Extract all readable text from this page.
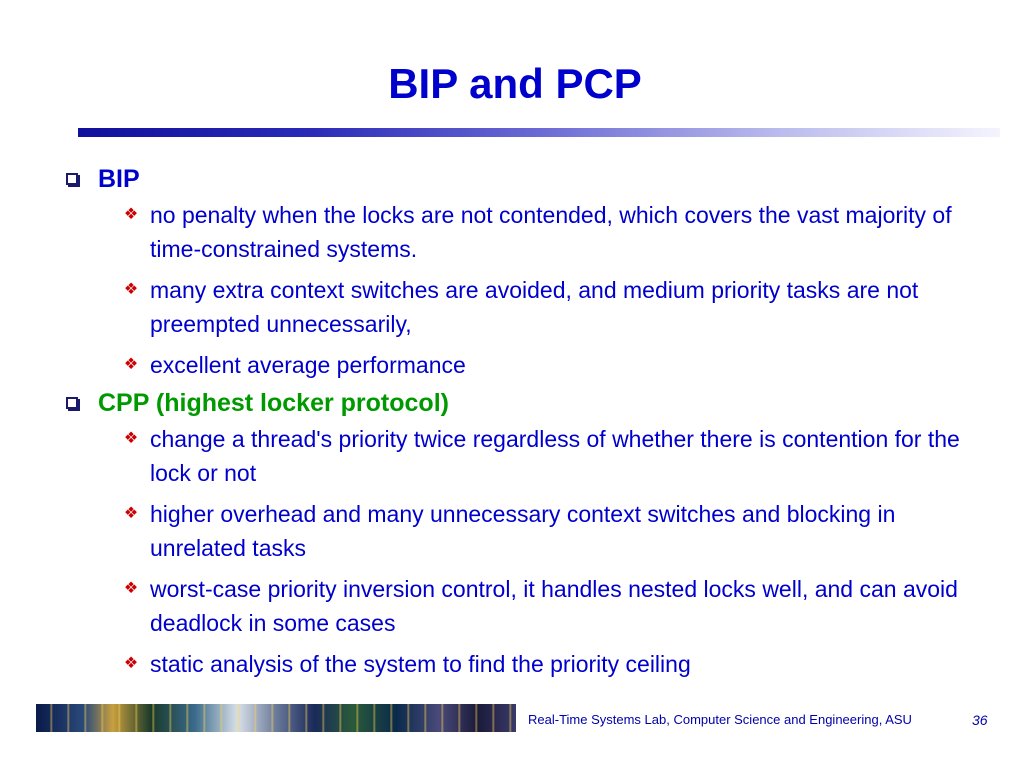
BIP and PCP
BIP
❖ no penalty when the locks are not contended, which covers the vast majority of time-constrained systems.
❖ many extra context switches are avoided, and medium priority tasks are not preempted unnecessarily,
❖ excellent average performance
CPP (highest locker protocol)
❖ change a thread's priority twice regardless of whether there is contention for the lock or not
❖ higher overhead and many unnecessary context switches and blocking in unrelated tasks
❖ worst-case priority inversion control, it handles nested locks well, and can avoid deadlock in some cases
❖ static analysis of the system to find the priority ceiling
Real-Time Systems Lab, Computer Science and Engineering, ASU	36
